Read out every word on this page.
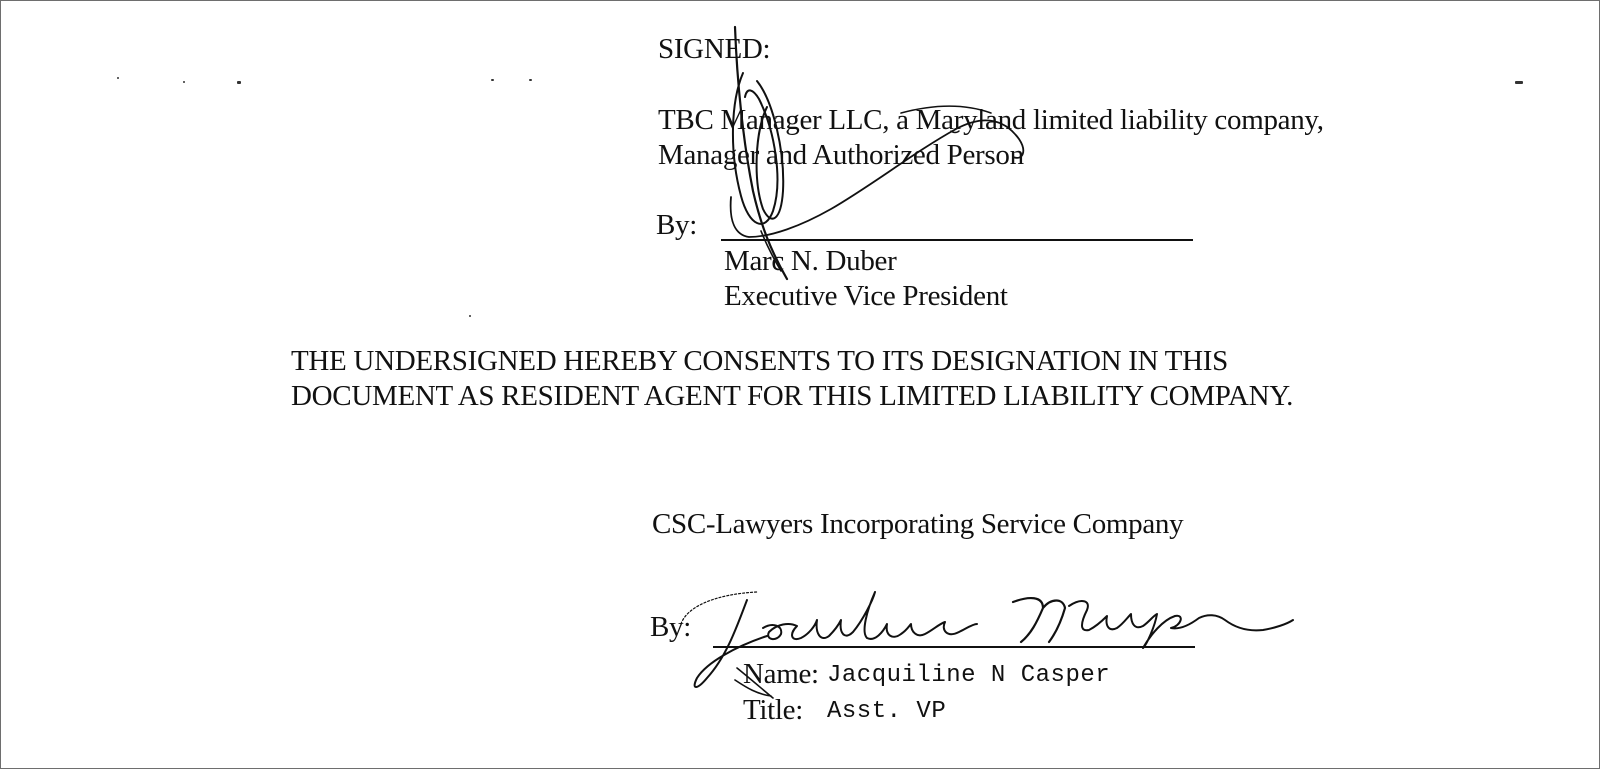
SIGNED:
TBC Manager LLC, a Maryland limited liability company,
Manager and Authorized Person
By:
Marc N. Duber
Executive Vice President
THE UNDERSIGNED HEREBY CONSENTS TO ITS DESIGNATION IN THIS
DOCUMENT AS RESIDENT AGENT FOR THIS LIMITED LIABILITY COMPANY.
CSC-Lawyers Incorporating Service Company
By:
Name: Jacquiline N Casper
Title: Asst. VP
